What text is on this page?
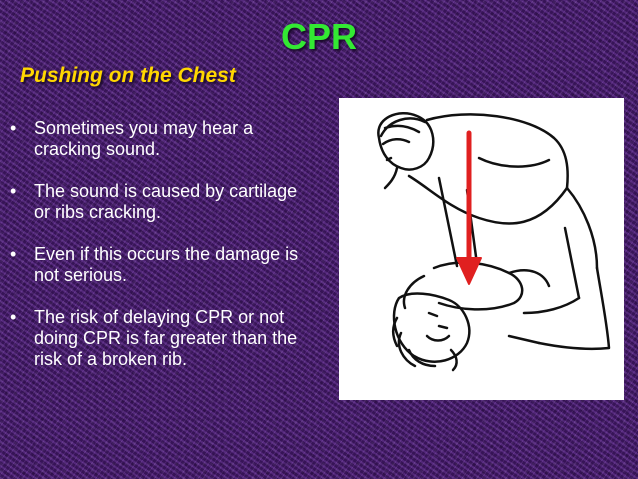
CPR
Pushing on the Chest
• Sometimes you may hear a cracking sound.
• The sound is caused by cartilage or ribs cracking.
• Even if this occurs the damage is not serious.
• The risk of delaying CPR or not doing CPR is far greater than the risk of a broken rib.
